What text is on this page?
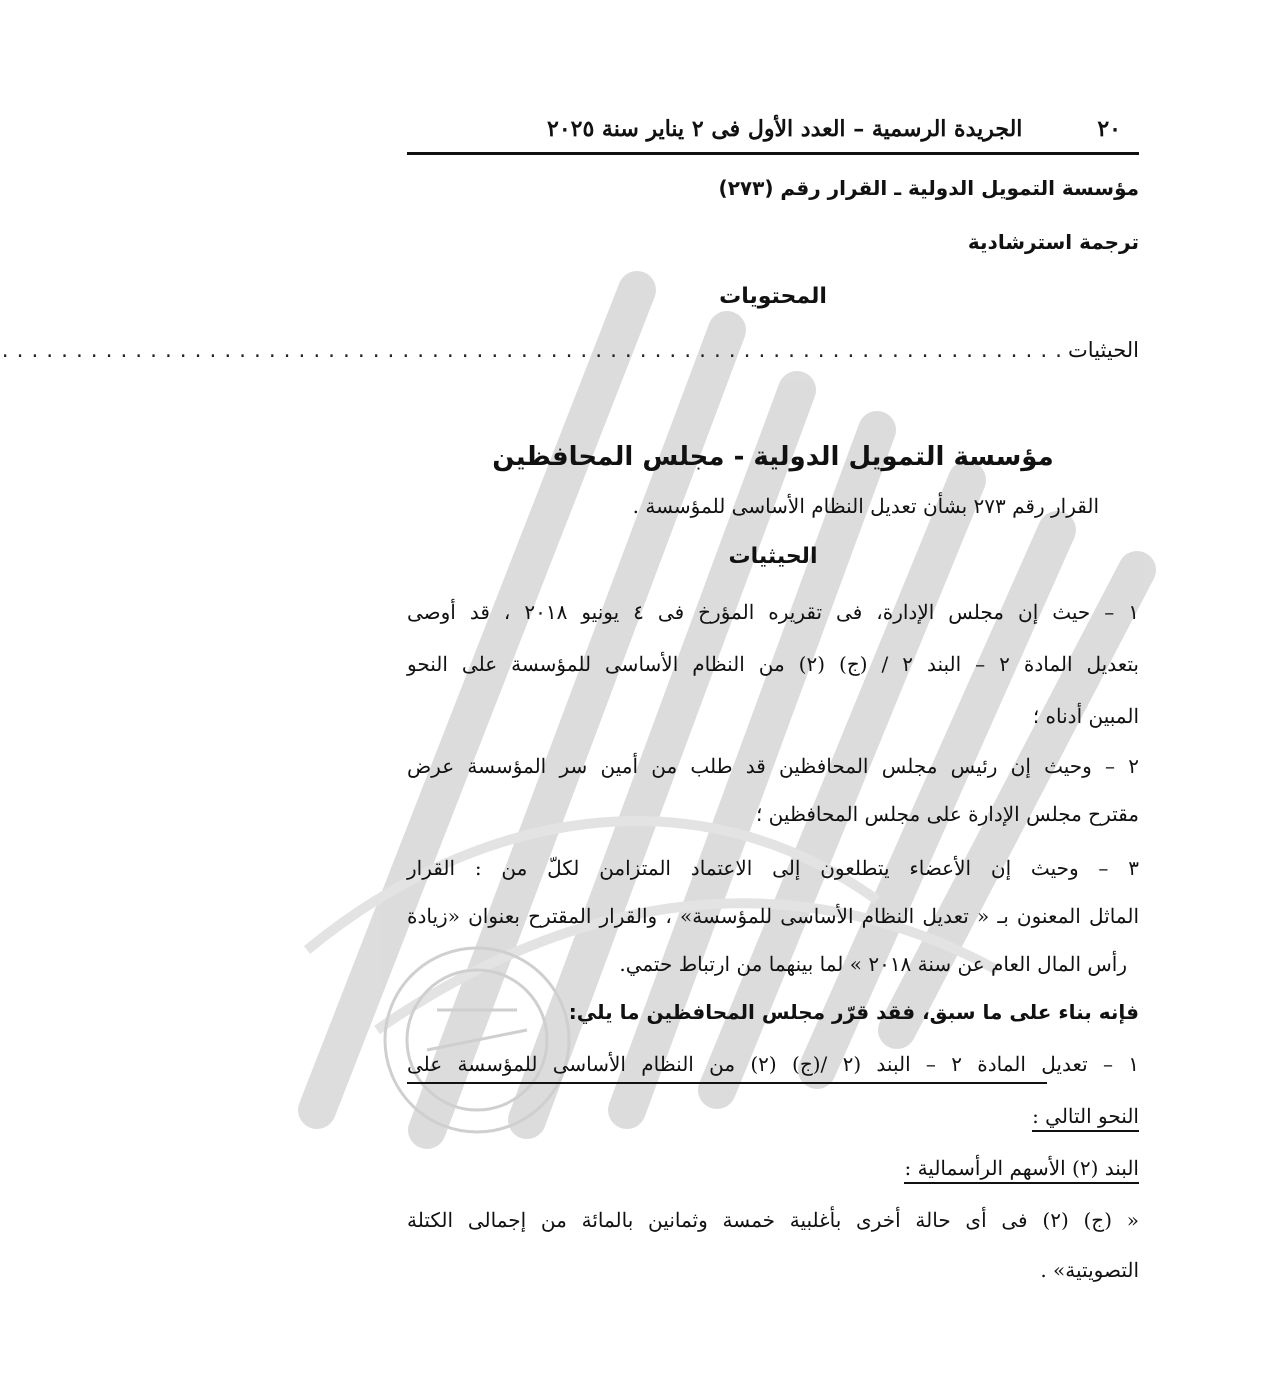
٢٠
الجريدة الرسمية – العدد الأول فى ٢ يناير سنة ٢٠٢٥
مؤسسة التمويل الدولية ـ القرار رقم (٢٧٣)
ترجمة استرشادية
المحتويات
الحيثيات
........................................................................
مؤسسة التمويل الدولية - مجلس المحافظين
القرار رقم ٢٧٣ بشأن تعديل النظام الأساسى للمؤسسة .
الحيثيات
١ – حيث إن مجلس الإدارة، فى تقريره المؤرخ فى ٤ يونيو ٢٠١٨ ، قد أوصى
بتعديل المادة ٢ – البند ٢ / (ج) (٢) من النظام الأساسى للمؤسسة على النحو
المبين أدناه ؛
٢ – وحيث إن رئيس مجلس المحافظين قد طلب من أمين سر المؤسسة عرض
مقترح مجلس الإدارة على مجلس المحافظين ؛
٣ – وحيث إن الأعضاء يتطلعون إلى الاعتماد المتزامن لكلّ من : القرار
الماثل المعنون بـ « تعديل النظام الأساسى للمؤسسة» ، والقرار المقترح بعنوان «زيادة
رأس المال العام عن سنة ٢٠١٨ » لما بينهما من ارتباط حتمي.
فإنه بناء على ما سبق، فقد قرّر مجلس المحافظين ما يلي:
١ – تعديل المادة ٢ – البند (٢ /(ج) (٢) من النظام الأساسى للمؤسسة على
النحو التالي :
البند (٢) الأسهم الرأسمالية :
« (ج) (٢) فى أى حالة أخرى بأغلبية خمسة وثمانين بالمائة من إجمالى الكتلة
التصويتية» .
